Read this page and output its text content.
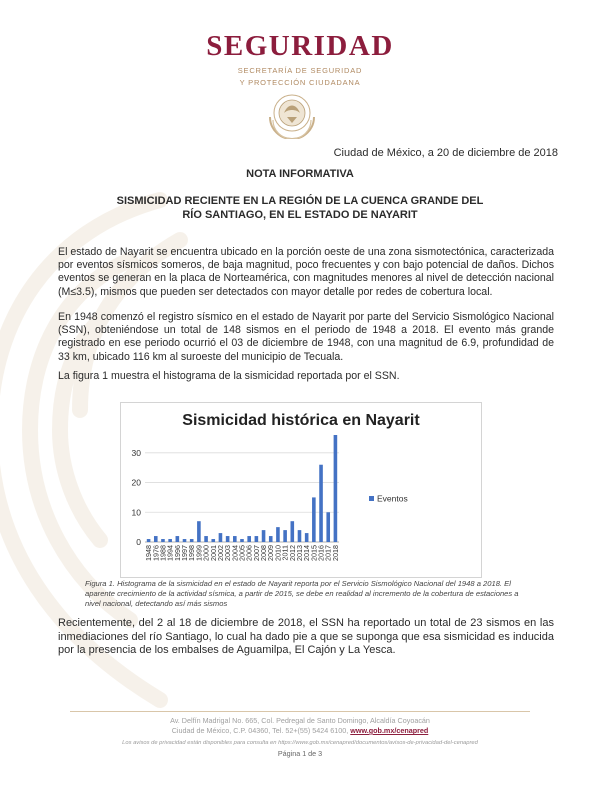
SEGURIDAD
SECRETARÍA DE SEGURIDAD
Y PROTECCIÓN CIUDADANA
Ciudad de México, a 20 de diciembre de 2018
NOTA INFORMATIVA
SISMICIDAD RECIENTE EN LA REGIÓN DE LA CUENCA GRANDE DEL
RÍO SANTIAGO, EN EL ESTADO DE NAYARIT
El estado de Nayarit se encuentra ubicado en la porción oeste de una zona sismotectónica, caracterizada por eventos sísmicos someros, de baja magnitud, poco frecuentes y con bajo potencial de daños. Dichos eventos se generan en la placa de Norteamérica, con magnitudes menores al nivel de detección nacional (M≤3.5), mismos que pueden ser detectados con mayor detalle por redes de cobertura local.
En 1948 comenzó el registro sísmico en el estado de Nayarit por parte del Servicio Sismológico Nacional (SSN), obteniéndose un total de 148 sismos en el periodo de 1948 a 2018. El evento más grande registrado en ese periodo ocurrió el 03 de diciembre de 1948, con una magnitud de 6.9, profundidad de 33 km, ubicado 116 km al suroeste del municipio de Tecuala.
La figura 1 muestra el histograma de la sismicidad reportada por el SSN.
Sismicidad histórica en Nayarit
0
10
20
30
1948
1976
1988
1994
1996
1997
1998
1999
2000
2001
2002
2003
2004
2005
2006
2007
2008
2009
2010
2011
2012
2013
2014
2015
2016
2017
2018
Eventos
Figura 1. Histograma de la sismicidad en el estado de Nayarit reporta por el Servicio Sismológico Nacional del 1948 a 2018. El aparente crecimiento de la actividad sísmica, a partir de 2015, se debe en realidad al incremento de la cobertura de estaciones a nivel nacional, detectando así más sismos
Recientemente, del 2 al 18 de diciembre de 2018, el SSN ha reportado un total de 23 sismos en las inmediaciones del río Santiago, lo cual ha dado pie a que se suponga que esa sismicidad es inducida por la presencia de los embalses de Aguamilpa, El Cajón y La Yesca.
Av. Delfín Madrigal No. 665, Col. Pedregal de Santo Domingo, Alcaldía Coyoacán
Ciudad de México, C.P. 04360, Tel. 52+(55) 5424 6100, www.gob.mx/cenapred
Los avisos de privacidad están disponibles para consulta en https://www.gob.mx/cenapred/documentos/avisos-de-privacidad-del-cenapred
Página 1 de 3
